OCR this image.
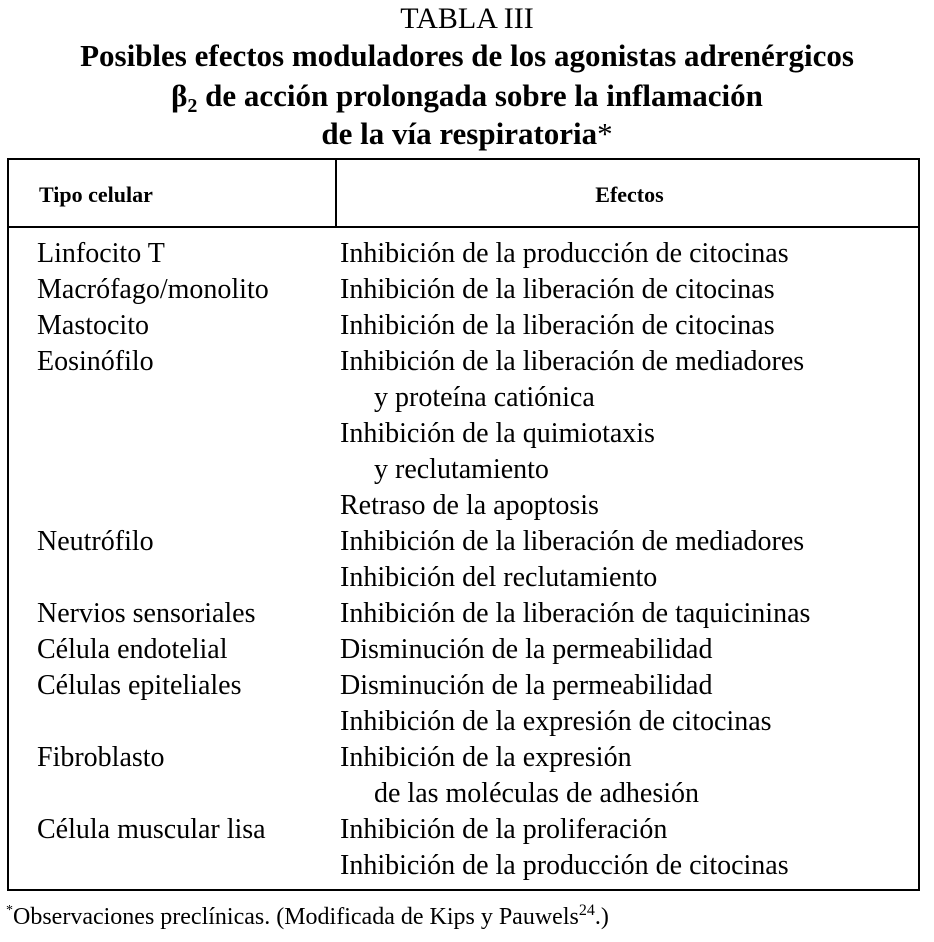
TABLA III
Posibles efectos moduladores de los agonistas adrenérgicos
$\beta_2$ de acción prolongada sobre la inflamación
de la vía respiratoria*
Tipo celular	Efectos
Linfocito T	Inhibición de la producción de citocinas
Macrófago/monolito	Inhibición de la liberación de citocinas
Mastocito	Inhibición de la liberación de citocinas
Eosinófilo	Inhibición de la liberación de mediadores
y proteína catiónica
Inhibición de la quimiotaxis
y reclutamiento
Retraso de la apoptosis
Neutrófilo	Inhibición de la liberación de mediadores
Inhibición del reclutamiento
Nervios sensoriales	Inhibición de la liberación de taquicininas
Célula endotelial	Disminución de la permeabilidad
Células epiteliales	Disminución de la permeabilidad
Inhibición de la expresión de citocinas
Fibroblasto	Inhibición de la expresión
de las moléculas de adhesión
Célula muscular lisa	Inhibición de la proliferación
Inhibición de la producción de citocinas
*Observaciones preclínicas. (Modificada de Kips y Pauwels$^{24}$.)
